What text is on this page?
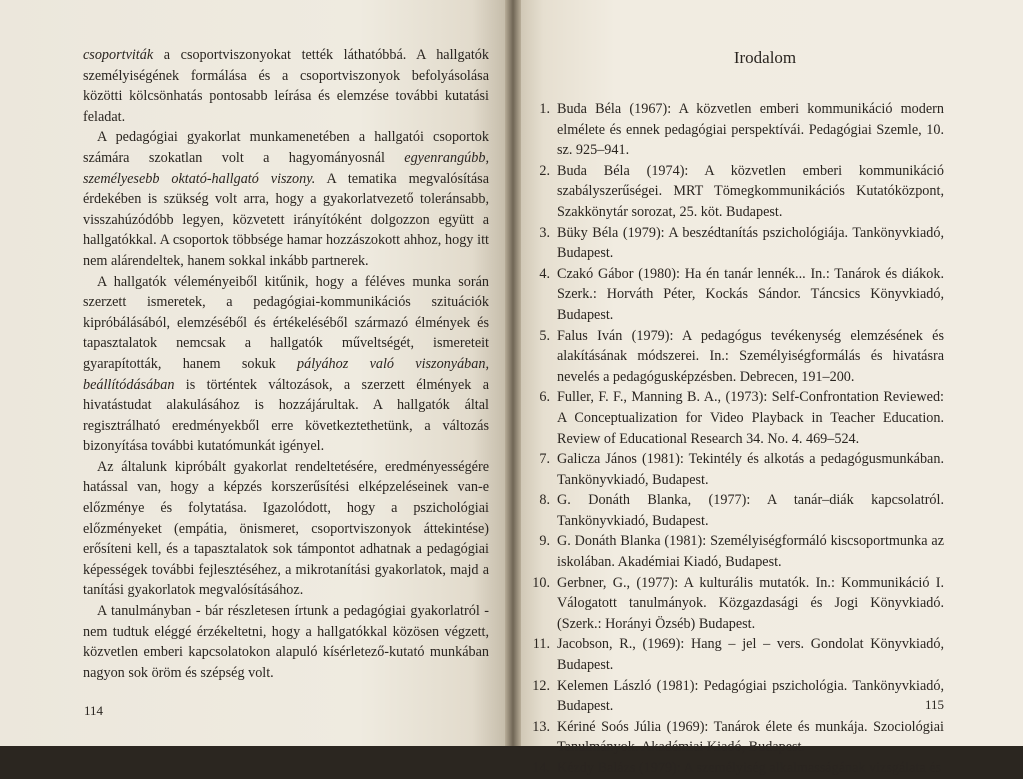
csoportviták a csoportviszonyokat tették láthatóbbá. A hallgatók személyiségének formálása és a csoportviszonyok befolyásolása közötti kölcsönhatás pontosabb leírása és elemzése további kutatási feladat.

A pedagógiai gyakorlat munkamenetében a hallgatói csoportok számára szokatlan volt a hagyományosnál egyenrangúbb, személyesebb oktató-hallgató viszony. A tematika megvalósítása érdekében is szükség volt arra, hogy a gyakorlatvezető toleránsabb, visszahúzódóbb legyen, közvetett irányítóként dolgozzon együtt a hallgatókkal. A csoportok többsége hamar hozzászokott ahhoz, hogy itt nem alárendeltek, hanem sokkal inkább partnerek.

A hallgatók véleményeiből kitűnik, hogy a féléves munka során szerzett ismeretek, a pedagógiai-kommunikációs szituációk kipróbálásából, elemzéséből és értékeléséből származó élmények és tapasztalatok nemcsak a hallgatók műveltségét, ismereteit gyarapították, hanem sokuk pályához való viszonyában, beállítódásában is történtek változások, a szerzett élmények a hivatástudat alakulásához is hozzájárultak. A hallgatók által regisztrálható eredményekből erre következtethetünk, a változás bizonyítása további kutatómunkát igényel.

Az általunk kipróbált gyakorlat rendeltetésére, eredményességére hatással van, hogy a képzés korszerűsítési elképzeléseinek van-e előzménye és folytatása. Igazolódott, hogy a pszichológiai előzményeket (empátia, önismeret, csoportviszonyok áttekintése) erősíteni kell, és a tapasztalatok sok támpontot adhatnak a pedagógiai képességek további fejlesztéséhez, a mikrotanítási gyakorlatok, majd a tanítási gyakorlatok megvalósításához.

A tanulmányban - bár részletesen írtunk a pedagógiai gyakorlatról - nem tudtuk eléggé érzékeltetni, hogy a hallgatókkal közösen végzett, közvetlen emberi kapcsolatokon alapuló kísérletező-kutató munkában nagyon sok öröm és szépség volt.

114
Irodalom
1. Buda Béla (1967): A közvetlen emberi kommunikáció modern elmélete és ennek pedagógiai perspektívái. Pedagógiai Szemle, 10. sz. 925–941.
2. Buda Béla (1974): A közvetlen emberi kommunikáció szabályszerűségei. MRT Tömegkommunikációs Kutatóközpont, Szakkönytár sorozat, 25. köt. Budapest.
3. Büky Béla (1979): A beszédtanítás pszichológiája. Tankönyvkiadó, Budapest.
4. Czakó Gábor (1980): Ha én tanár lennék... In.: Tanárok és diákok. Szerk.: Horváth Péter, Kockás Sándor. Táncsics Könyvkiadó, Budapest.
5. Falus Iván (1979): A pedagógus tevékenység elemzésének és alakításának módszerei. In.: Személyiségformálás és hivatásra nevelés a pedagógusképzésben. Debrecen, 191–200.
6. Fuller, F. F., Manning B. A., (1973): Self-Confrontation Reviewed: A Conceptualization for Video Playback in Teacher Education. Review of Educational Research 34. No. 4. 469–524.
7. Galicza János (1981): Tekintély és alkotás a pedagógusmunkában. Tankönyvkiadó, Budapest.
8. G. Donáth Blanka, (1977): A tanár–diák kapcsolatról. Tankönyvkiadó, Budapest.
9. G. Donáth Blanka (1981): Személyiségformáló kiscsoportmunka az iskolában. Akadémiai Kiadó, Budapest.
10. Gerbner, G., (1977): A kulturális mutatók. In.: Kommunikáció I. Válogatott tanulmányok. Közgazdasági és Jogi Könyvkiadó. (Szerk.: Horányi Özséb) Budapest.
11. Jacobson, R., (1969): Hang – jel – vers. Gondolat Könyvkiadó, Budapest.
12. Kelemen László (1981): Pedagógiai pszichológia. Tankönyvkiadó, Budapest.
13. Kériné Soós Júlia (1969): Tanárok élete és munkája. Szociológiai Tanulmányok. Akadémiai Kiadó, Budapest.
14. Kézdy Balázs (1979): A személyiség alkalmasságának vizsgálata és
115
